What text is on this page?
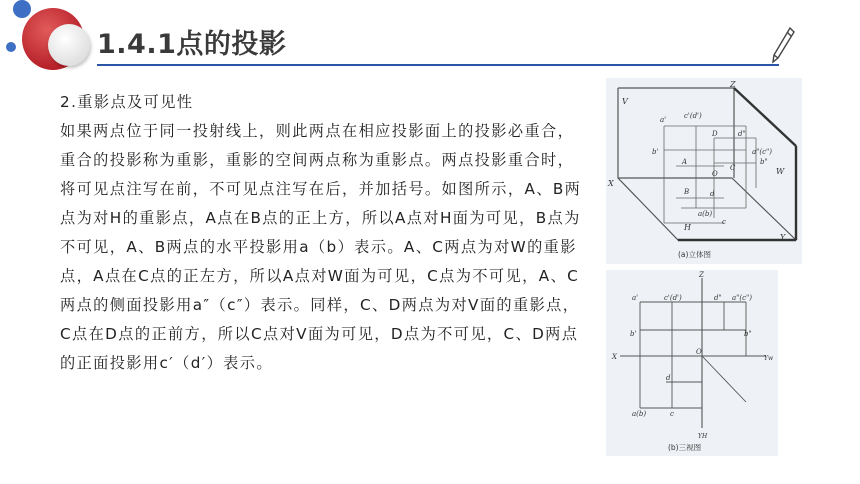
1.4.1点的投影

2.重影点及可见性

如果两点位于同一投射线上，则此两点在相应投影面上的投影必重合，重合的投影称为重影，重影的空间两点称为重影点。两点投影重合时，将可见点注写在前，不可见点注写在后，并加括号。如图所示，A、B两点为对H的重影点，A点在B点的正上方，所以A点对H面为可见，B点为不可见，A、B两点的水平投影用a（b）表示。A、C两点为对W的重影点，A点在C点的正左方，所以A点对W面为可见，C点为不可见，A、C两点的侧面投影用a″（c″）表示。同样，C、D两点为对V面的重影点，C点在D点的正前方，所以C点对V面为可见，D点为不可见，C、D两点的正面投影用c′（d′）表示。

Z
V
X
Y
W
H
O
a'	c'(d')
b'
D	d"
a"(c")
A
C
b"
B	d
a(b)
c
(a)立体图
Z
X
O
Yw
YH
a'	c'(d')	d" a"(c")
b'	b"
d
a(b)	c
(b)三视图
